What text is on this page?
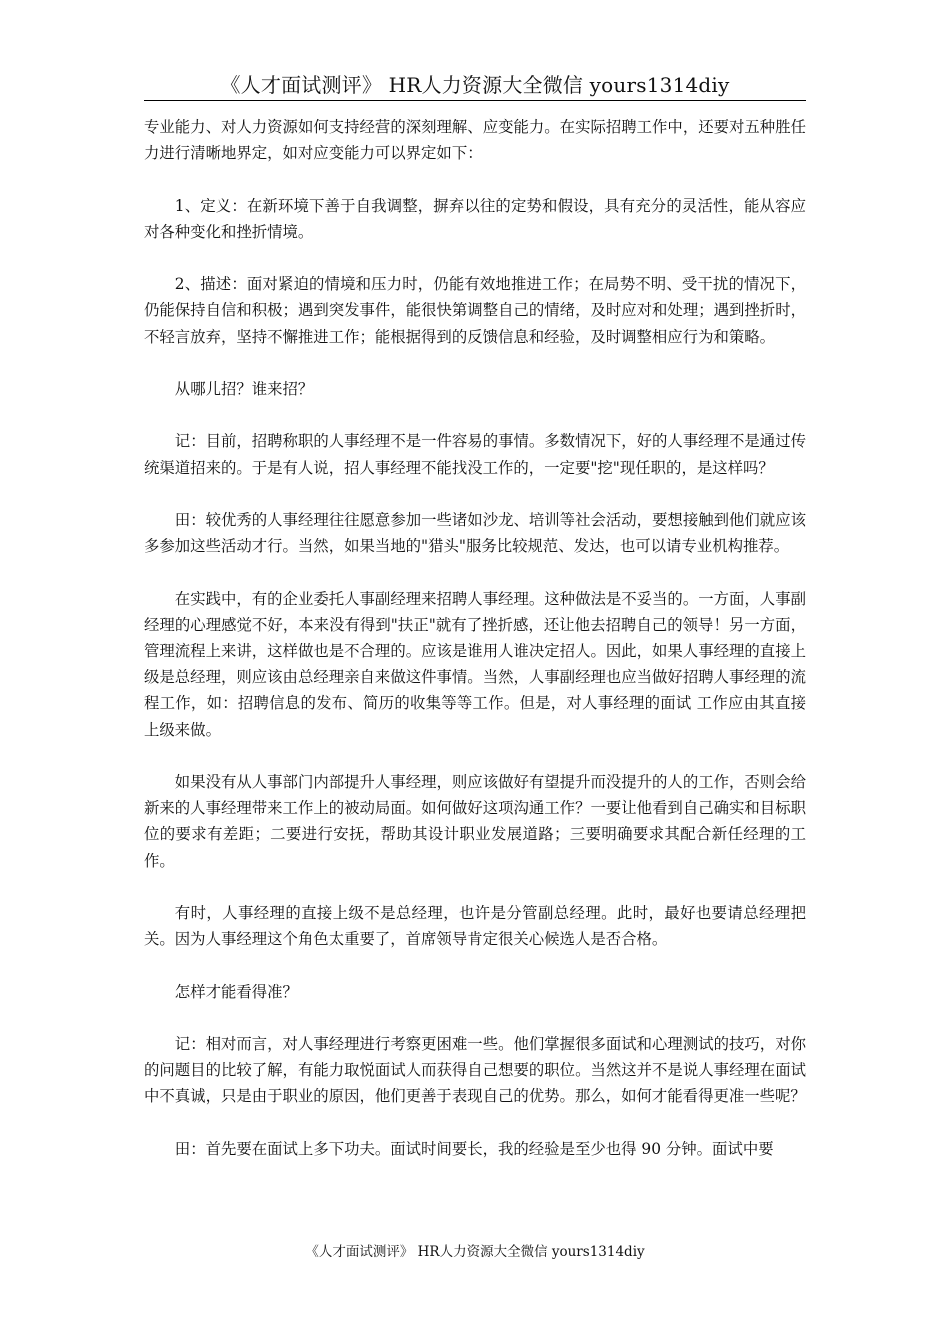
《人才面试测评》 HR人力资源大全微信 yours1314diy

专业能力、对人力资源如何支持经营的深刻理解、应变能力。在实际招聘工作中，还要对五种胜任力进行清晰地界定，如对应变能力可以界定如下：

1、定义：在新环境下善于自我调整，摒弃以往的定势和假设，具有充分的灵活性，能从容应对各种变化和挫折情境。

2、描述：面对紧迫的情境和压力时，仍能有效地推进工作；在局势不明、受干扰的情况下，仍能保持自信和积极；遇到突发事件，能很快第调整自己的情绪，及时应对和处理；遇到挫折时，不轻言放弃，坚持不懈推进工作；能根据得到的反馈信息和经验，及时调整相应行为和策略。

从哪儿招？谁来招？

记：目前，招聘称职的人事经理不是一件容易的事情。多数情况下，好的人事经理不是通过传统渠道招来的。于是有人说，招人事经理不能找没工作的，一定要"挖"现任职的，是这样吗？

田：较优秀的人事经理往往愿意参加一些诸如沙龙、培训等社会活动，要想接触到他们就应该多参加这些活动才行。当然，如果当地的"猎头"服务比较规范、发达，也可以请专业机构推荐。

在实践中，有的企业委托人事副经理来招聘人事经理。这种做法是不妥当的。一方面，人事副经理的心理感觉不好，本来没有得到"扶正"就有了挫折感，还让他去招聘自己的领导！另一方面，管理流程上来讲，这样做也是不合理的。应该是谁用人谁决定招人。因此，如果人事经理的直接上级是总经理，则应该由总经理亲自来做这件事情。当然，人事副经理也应当做好招聘人事经理的流程工作，如：招聘信息的发布、简历的收集等等工作。但是，对人事经理的面试 工作应由其直接上级来做。

如果没有从人事部门内部提升人事经理，则应该做好有望提升而没提升的人的工作，否则会给新来的人事经理带来工作上的被动局面。如何做好这项沟通工作？一要让他看到自己确实和目标职位的要求有差距；二要进行安抚，帮助其设计职业发展道路；三要明确要求其配合新任经理的工作。

有时，人事经理的直接上级不是总经理，也许是分管副总经理。此时，最好也要请总经理把关。因为人事经理这个角色太重要了，首席领导肯定很关心候选人是否合格。

怎样才能看得准？

记：相对而言，对人事经理进行考察更困难一些。他们掌握很多面试和心理测试的技巧，对你的问题目的比较了解，有能力取悦面试人而获得自己想要的职位。当然这并不是说人事经理在面试中不真诚，只是由于职业的原因，他们更善于表现自己的优势。那么，如何才能看得更准一些呢？

田：首先要在面试上多下功夫。面试时间要长，我的经验是至少也得 90 分钟。面试中要

《人才面试测评》 HR人力资源大全微信 yours1314diy
